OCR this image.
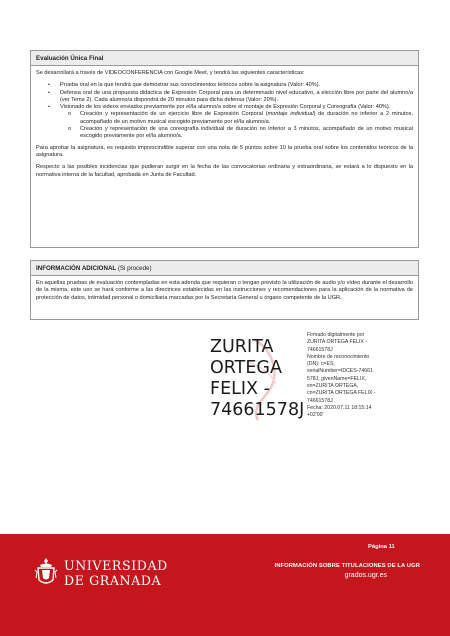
Evaluación Única Final

Se desarrollará a través de VIDEOCONFERENCIA con Google Meet, y tendrá las siguientes características:

• Prueba oral en la que tendrá que demostrar sus conocimientos teóricos sobre la asignatura (Valor: 40%).
• Defensa oral de una propuesta didáctica de Expresión Corporal para un determinado nivel educativo, a elección libre por parte del alumno/a (ver Tema 2). Cada alumno/a dispondrá de 20 minutos para dicha defensa (Valor: 20%).
• Visionado de los videos enviados previamente por el/la alumno/a sobre el montaje de Expresión Corporal y Coreografía (Valor: 40%).
o Creación y representación de un ejercicio libre de Expresión Corporal (montaje individual) de duración no inferior a 2 minutos, acompañado de un motivo musical escogido previamente por el/la alumno/a.
o Creación y representación de una coreografía individual de duración no inferior a 3 minutos, acompañado de un motivo musical escogido previamente por el/la alumno/a.

Para aprobar la asignatura, es requisito imprescindible superar con una nota de 5 puntos sobre 10 la prueba oral sobre los contenidos teóricos de la asignatura.

Respecto a las posibles incidencias que pudieran surgir en la fecha de las convocatorias ordinaria y extraordinaria, se estará a lo dispuesto en la normativa interna de la facultad, aprobada en Junta de Facultad.

INFORMACIÓN ADICIONAL (Si procede)

En aquellas pruebas de evaluación contempladas en esta adenda que requieran o tengan previsto la utilización de audio y/o vídeo durante el desarrollo de la misma, este uso se hará conforme a las directrices establecidas en las instrucciones y recomendaciones para la aplicación de la normativa de protección de datos, intimidad personal o domiciliaria marcadas por la Secretaría General u órgano competente de la UGR.

ZURITA
ORTEGA
FELIX -
74661578J
Firmado digitalmente por
ZURITA ORTEGA FELIX -
74661578J
Nombre de reconocimiento
(DN): c=ES,
serialNumber=IDCES-74661
578J, givenName=FELIX,
sn=ZURITA ORTEGA,
cn=ZURITA ORTEGA FELIX -
74661578J
Fecha: 2020.07.11 18:15:14
+02'00'
Página 11
UNIVERSIDAD
DE GRANADA
INFORMACIÓN SOBRE TITULACIONES DE LA UGR
grados.ugr.es
